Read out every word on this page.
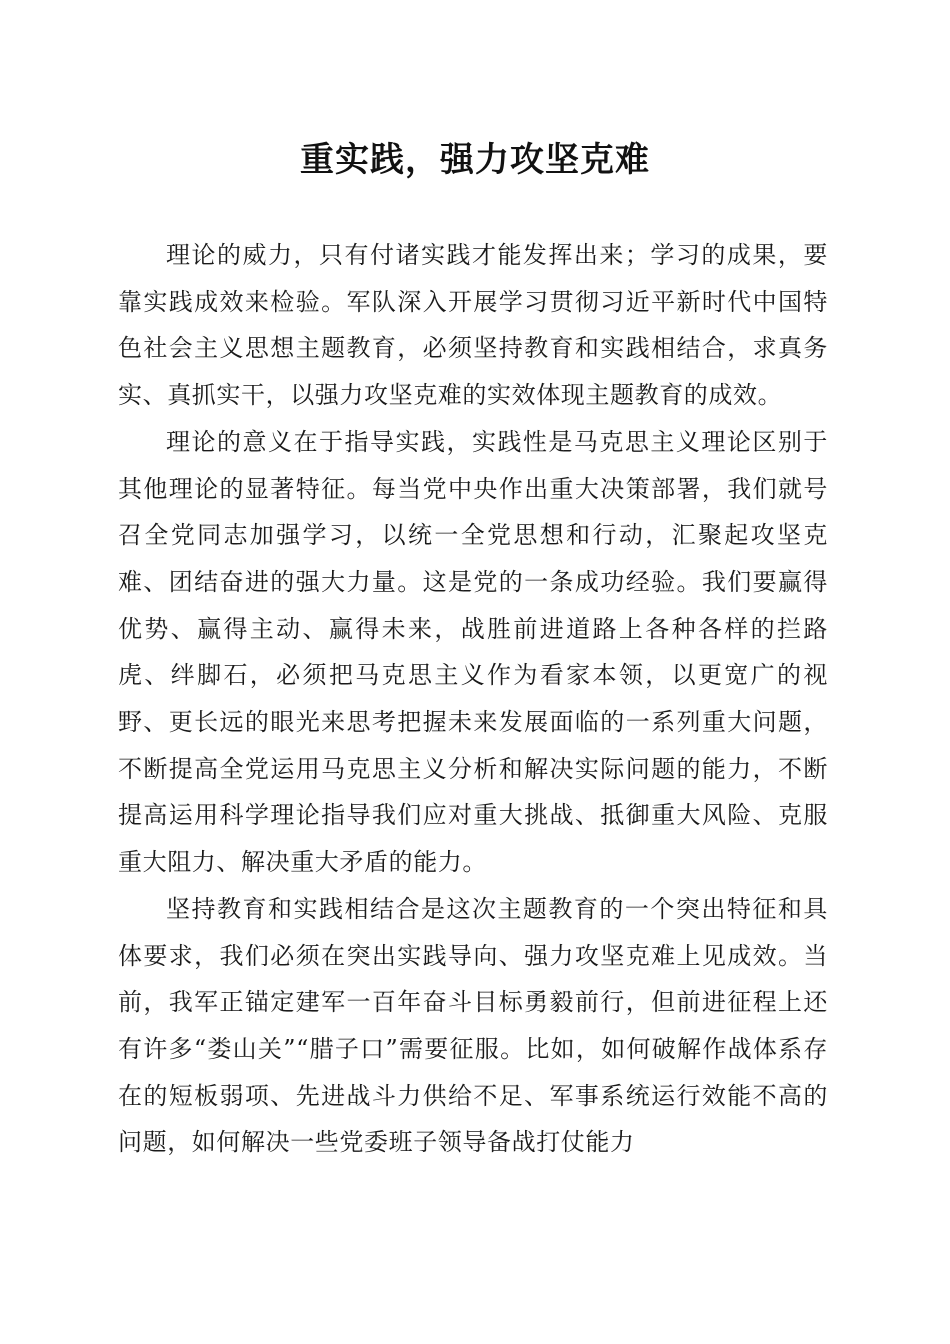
重实践，强力攻坚克难

理论的威力，只有付诸实践才能发挥出来；学习的成果，要靠实践成效来检验。军队深入开展学习贯彻习近平新时代中国特色社会主义思想主题教育，必须坚持教育和实践相结合，求真务实、真抓实干，以强力攻坚克难的实效体现主题教育的成效。

理论的意义在于指导实践，实践性是马克思主义理论区别于其他理论的显著特征。每当党中央作出重大决策部署，我们就号召全党同志加强学习，以统一全党思想和行动，汇聚起攻坚克难、团结奋进的强大力量。这是党的一条成功经验。我们要赢得优势、赢得主动、赢得未来，战胜前进道路上各种各样的拦路虎、绊脚石，必须把马克思主义作为看家本领，以更宽广的视野、更长远的眼光来思考把握未来发展面临的一系列重大问题，不断提高全党运用马克思主义分析和解决实际问题的能力，不断提高运用科学理论指导我们应对重大挑战、抵御重大风险、克服重大阻力、解决重大矛盾的能力。

坚持教育和实践相结合是这次主题教育的一个突出特征和具体要求，我们必须在突出实践导向、强力攻坚克难上见成效。当前，我军正锚定建军一百年奋斗目标勇毅前行，但前进征程上还有许多“娄山关”“腊子口”需要征服。比如，如何破解作战体系存在的短板弱项、先进战斗力供给不足、军事系统运行效能不高的问题，如何解决一些党委班子领导备战打仗能力
